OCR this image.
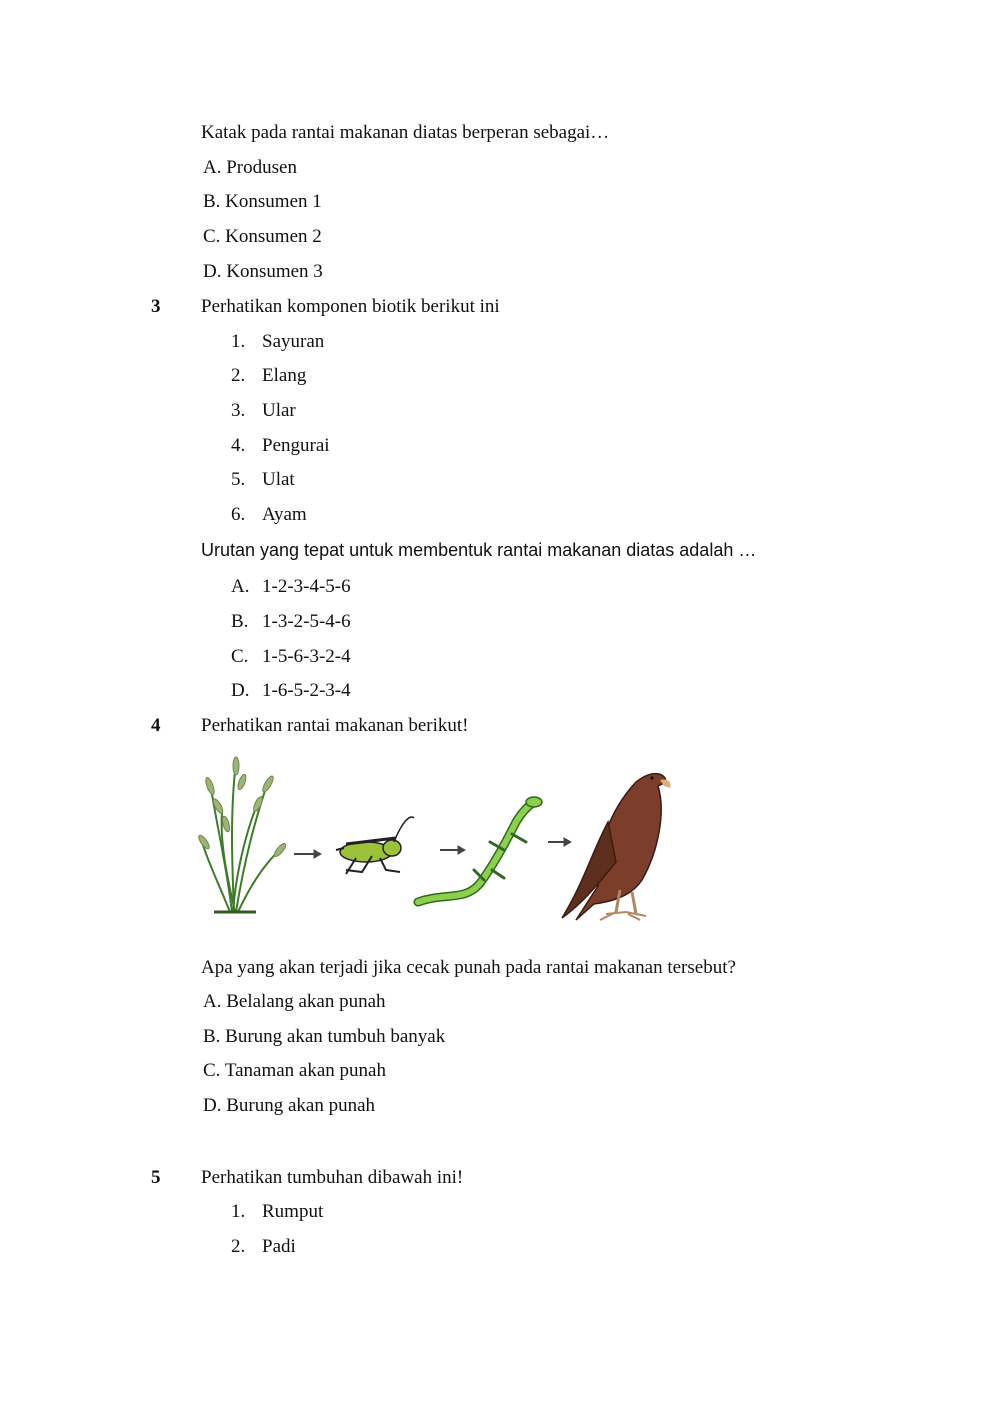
Katak pada rantai makanan diatas berperan sebagai…
A. Produsen
B. Konsumen 1
C. Konsumen 2
D. Konsumen 3
3 Perhatikan komponen biotik berikut ini
1. Sayuran
2. Elang
3. Ular
4. Pengurai
5. Ulat
6. Ayam
Urutan yang tepat untuk membentuk rantai makanan diatas adalah …
A. 1-2-3-4-5-6
B. 1-3-2-5-4-6
C. 1-5-6-3-2-4
D. 1-6-5-2-3-4
4 Perhatikan rantai makanan berikut!
Apa yang akan terjadi jika cecak punah pada rantai makanan tersebut?
A. Belalang akan punah
B. Burung akan tumbuh banyak
C. Tanaman akan punah
D. Burung akan punah
5 Perhatikan tumbuhan dibawah ini!
1. Rumput
2. Padi
